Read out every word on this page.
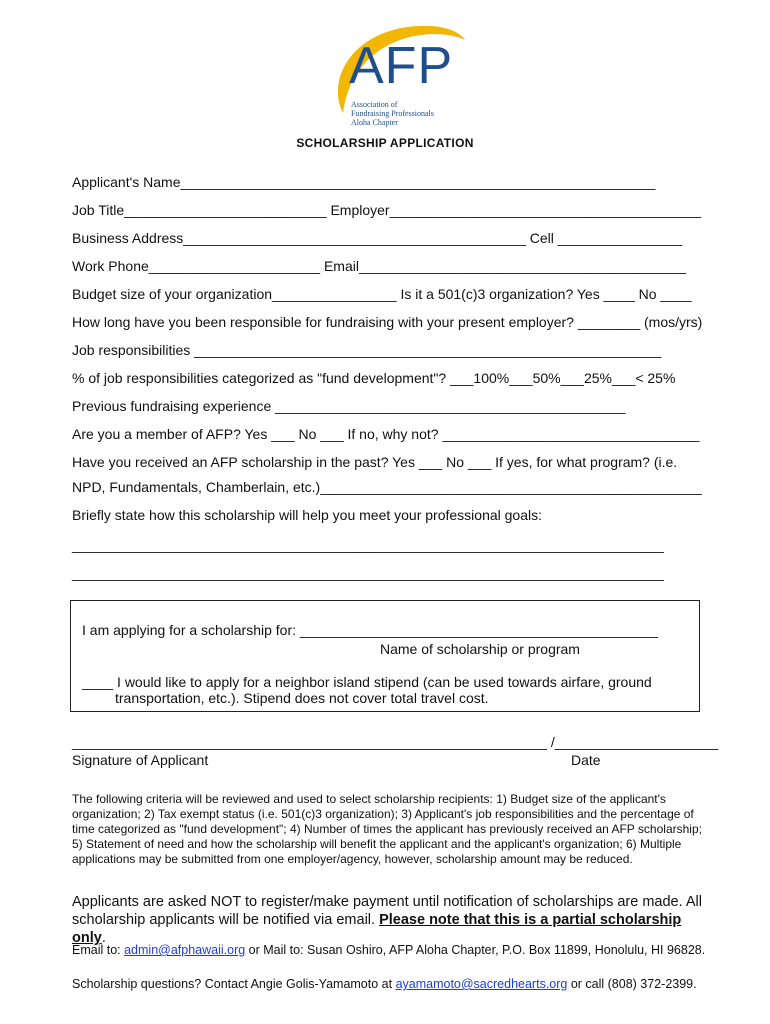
AFP
Association of
Fundraising Professionals
Aloha Chapter
SCHOLARSHIP APPLICATION
Applicant's Name_____________________________________________________________
Job Title__________________________ Employer________________________________________
Business Address____________________________________________ Cell ________________
Work Phone______________________ Email__________________________________________
Budget size of your organization________________ Is it a 501(c)3 organization? Yes ____ No ____
How long have you been responsible for fundraising with your present employer? ________ (mos/yrs)
Job responsibilities ____________________________________________________________
% of job responsibilities categorized as "fund development"? ___100%___50%___25%___< 25%
Previous fundraising experience _____________________________________________
Are you a member of AFP? Yes ___ No ___ If no, why not? _________________________________
Have you received an AFP scholarship in the past? Yes ___ No ___ If yes, for what program? (i.e.
NPD, Fundamentals, Chamberlain, etc.)_________________________________________________
Briefly state how this scholarship will help you meet your professional goals:
____________________________________________________________________________
____________________________________________________________________________
I am applying for a scholarship for: ______________________________________________
Name of scholarship or program
____ I would like to apply for a neighbor island stipend (can be used towards airfare, ground
transportation, etc.). Stipend does not cover total travel cost.
_____________________________________________________________ /_____________________
Signature of Applicant	Date
The following criteria will be reviewed and used to select scholarship recipients: 1) Budget size of the applicant's organization; 2) Tax exempt status (i.e. 501(c)3 organization); 3) Applicant's job responsibilities and the percentage of time categorized as "fund development"; 4) Number of times the applicant has previously received an AFP scholarship; 5) Statement of need and how the scholarship will benefit the applicant and the applicant's organization; 6) Multiple applications may be submitted from one employer/agency, however, scholarship amount may be reduced.
Applicants are asked NOT to register/make payment until notification of scholarships are made. All scholarship applicants will be notified via email. Please note that this is a partial scholarship only.
Email to: admin@afphawaii.org or Mail to: Susan Oshiro, AFP Aloha Chapter, P.O. Box 11899, Honolulu, HI 96828.
Scholarship questions? Contact Angie Golis-Yamamoto at ayamamoto@sacredhearts.org or call (808) 372-2399.
